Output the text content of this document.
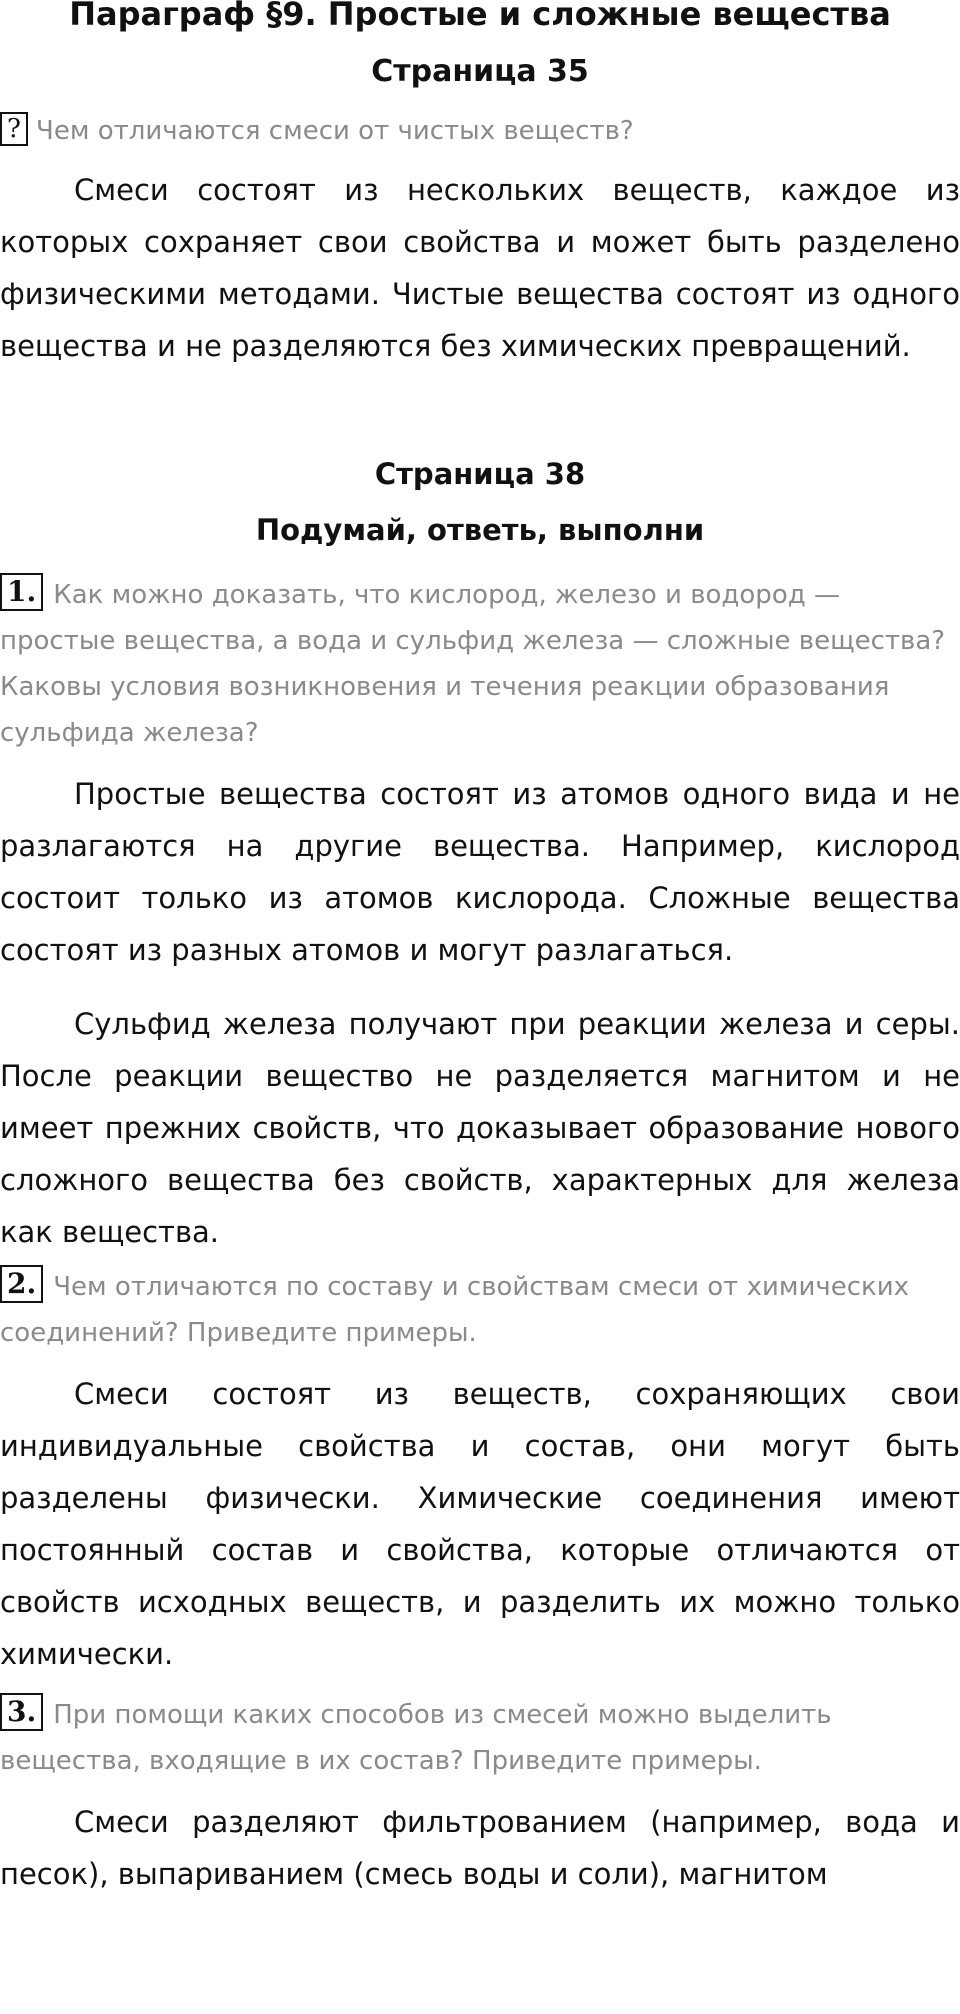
Параграф §9. Простые и сложные вещества
Страница 35

? Чем отличаются смеси от чистых веществ?

Смеси состоят из нескольких веществ, каждое из которых сохраняет свои свойства и может быть разделено физическими методами. Чистые вещества состоят из одного вещества и не разделяются без химических превращений.

Страница 38
Подумай, ответь, выполни

1. Как можно доказать, что кислород, железо и водород — простые вещества, а вода и сульфид железа — сложные вещества? Каковы условия возникновения и течения реакции образования сульфида железа?

Простые вещества состоят из атомов одного вида и не разлагаются на другие вещества. Например, кислород состоит только из атомов кислорода. Сложные вещества состоят из разных атомов и могут разлагаться.

Сульфид железа получают при реакции железа и серы. После реакции вещество не разделяется магнитом и не имеет прежних свойств, что доказывает образование нового сложного вещества без свойств, характерных для железа как вещества.

2. Чем отличаются по составу и свойствам смеси от химических соединений? Приведите примеры.

Смеси состоят из веществ, сохраняющих свои индивидуальные свойства и состав, они могут быть разделены физически. Химические соединения имеют постоянный состав и свойства, которые отличаются от свойств исходных веществ, и разделить их можно только химически.

3. При помощи каких способов из смесей можно выделить вещества, входящие в их состав? Приведите примеры.

Смеси разделяют фильтрованием (например, вода и песок), выпариванием (смесь воды и соли), магнитом
